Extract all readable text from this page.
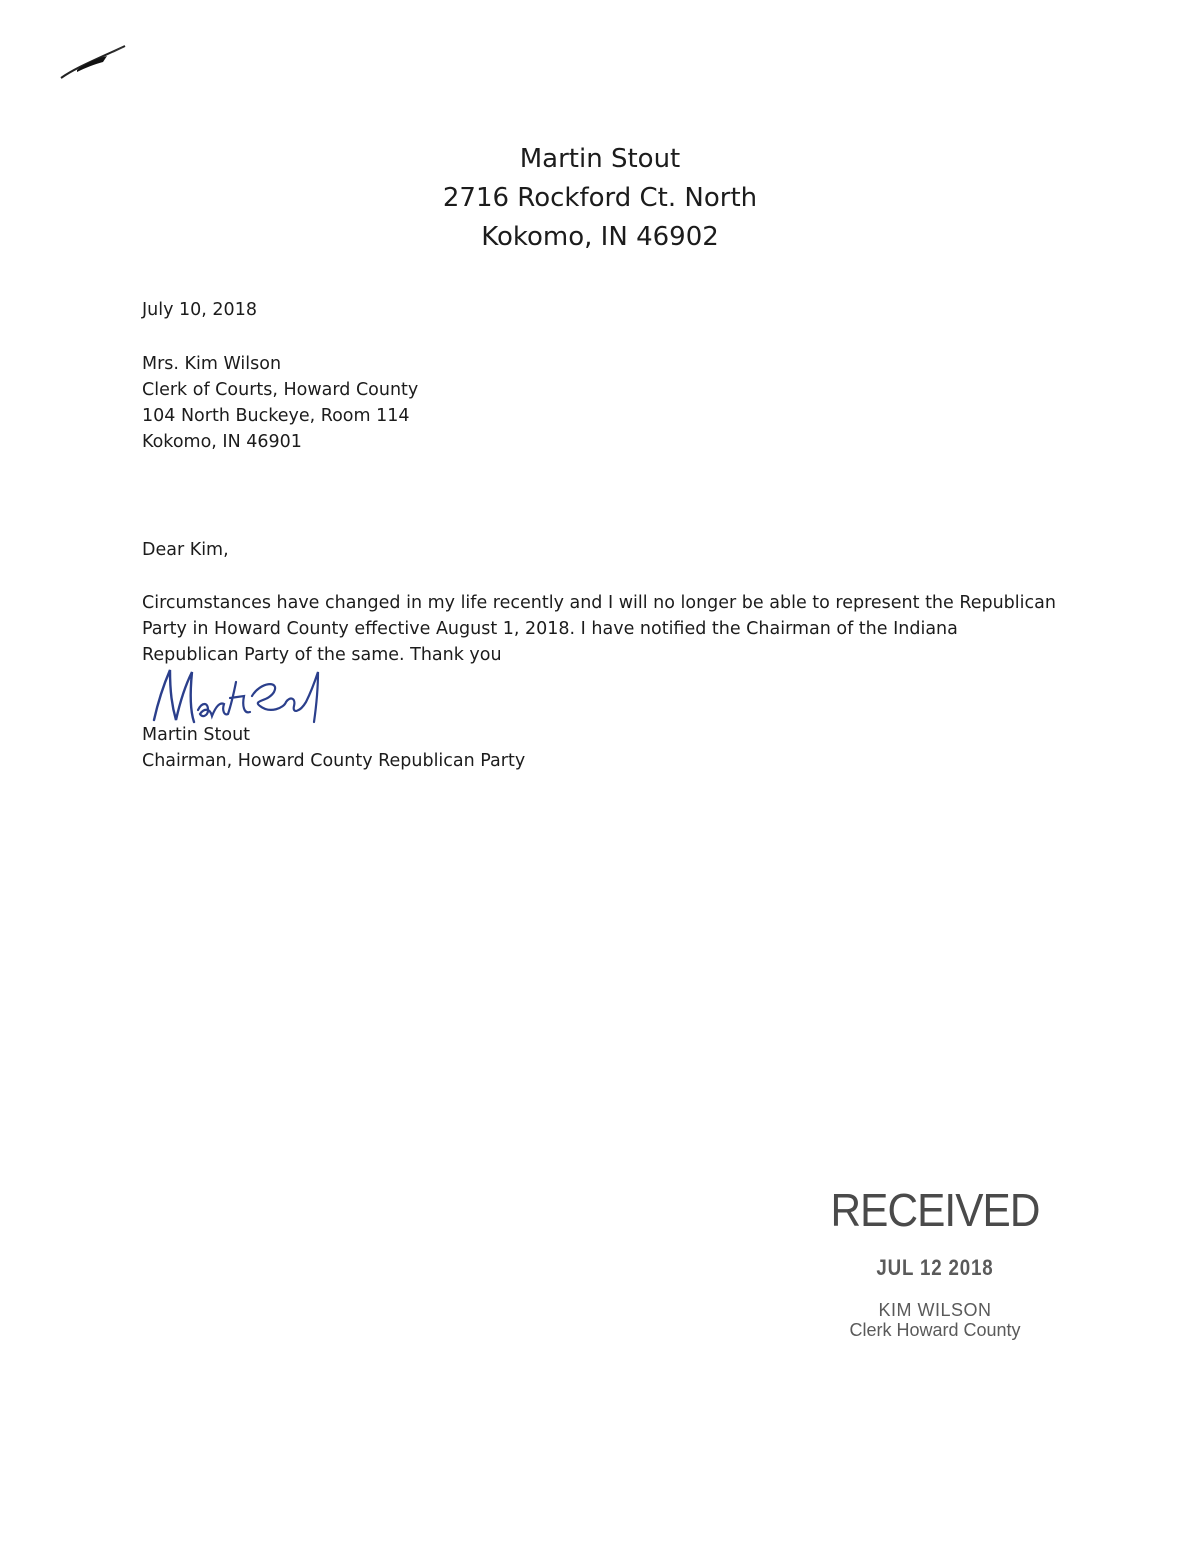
Martin Stout
2716 Rockford Ct. North
Kokomo, IN 46902
July 10, 2018
Mrs. Kim Wilson
Clerk of Courts, Howard County
104 North Buckeye, Room 114
Kokomo, IN 46901
Dear Kim,
Circumstances have changed in my life recently and I will no longer be able to represent the Republican
Party in Howard County effective August 1, 2018. I have notified the Chairman of the Indiana
Republican Party of the same. Thank you
Martin Stout
Chairman, Howard County Republican Party
RECEIVED
JUL 12 2018
KIM WILSON
Clerk Howard County
